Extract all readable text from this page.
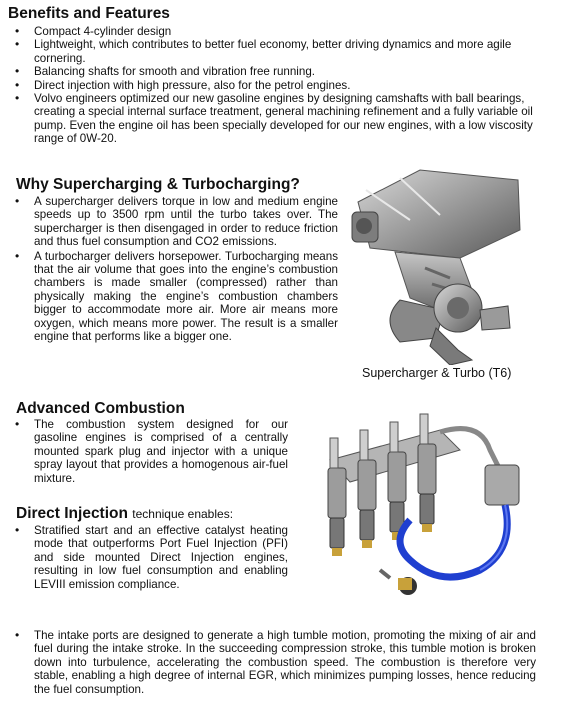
Benefits and Features
• Compact 4-cylinder design
• Lightweight, which contributes to better fuel economy, better driving dynamics and more agile cornering.
• Balancing shafts for smooth and vibration free running.
• Direct injection with high pressure, also for the petrol engines.
• Volvo engineers optimized our new gasoline engines by designing camshafts with ball bearings, creating a special internal surface treatment, general machining refinement and a fully variable oil pump. Even the engine oil has been specially developed for our new engines, with a low viscosity range of 0W-20.
Why Supercharging & Turbocharging?
• A supercharger delivers torque in low and medium engine speeds up to 3500 rpm until the turbo takes over. The supercharger is then disengaged in order to reduce friction and thus fuel consumption and CO2 emissions.
• A turbocharger delivers horsepower. Turbocharging means that the air volume that goes into the engine’s combustion chambers is made smaller (compressed) rather than physically making the engine’s combustion chambers bigger to accommodate more air. More air means more oxygen, which means more power. The result is a smaller engine that performs like a bigger one.
Supercharger & Turbo (T6)
Advanced Combustion
• The combustion system designed for our gasoline engines is comprised of a centrally mounted spark plug and injector with a unique spray layout that provides a homogenous air-fuel mixture.
Direct Injection technique enables:
• Stratified start and an effective catalyst heating mode that outperforms Port Fuel Injection (PFI) and side mounted Direct Injection engines, resulting in low fuel consumption and enabling LEVIII emission compliance.
• The intake ports are designed to generate a high tumble motion, promoting the mixing of air and fuel during the intake stroke. In the succeeding compression stroke, this tumble motion is broken down into turbulence, accelerating the combustion speed. The combustion is therefore very stable, enabling a high degree of internal EGR, which minimizes pumping losses, hence reducing the fuel consumption.
